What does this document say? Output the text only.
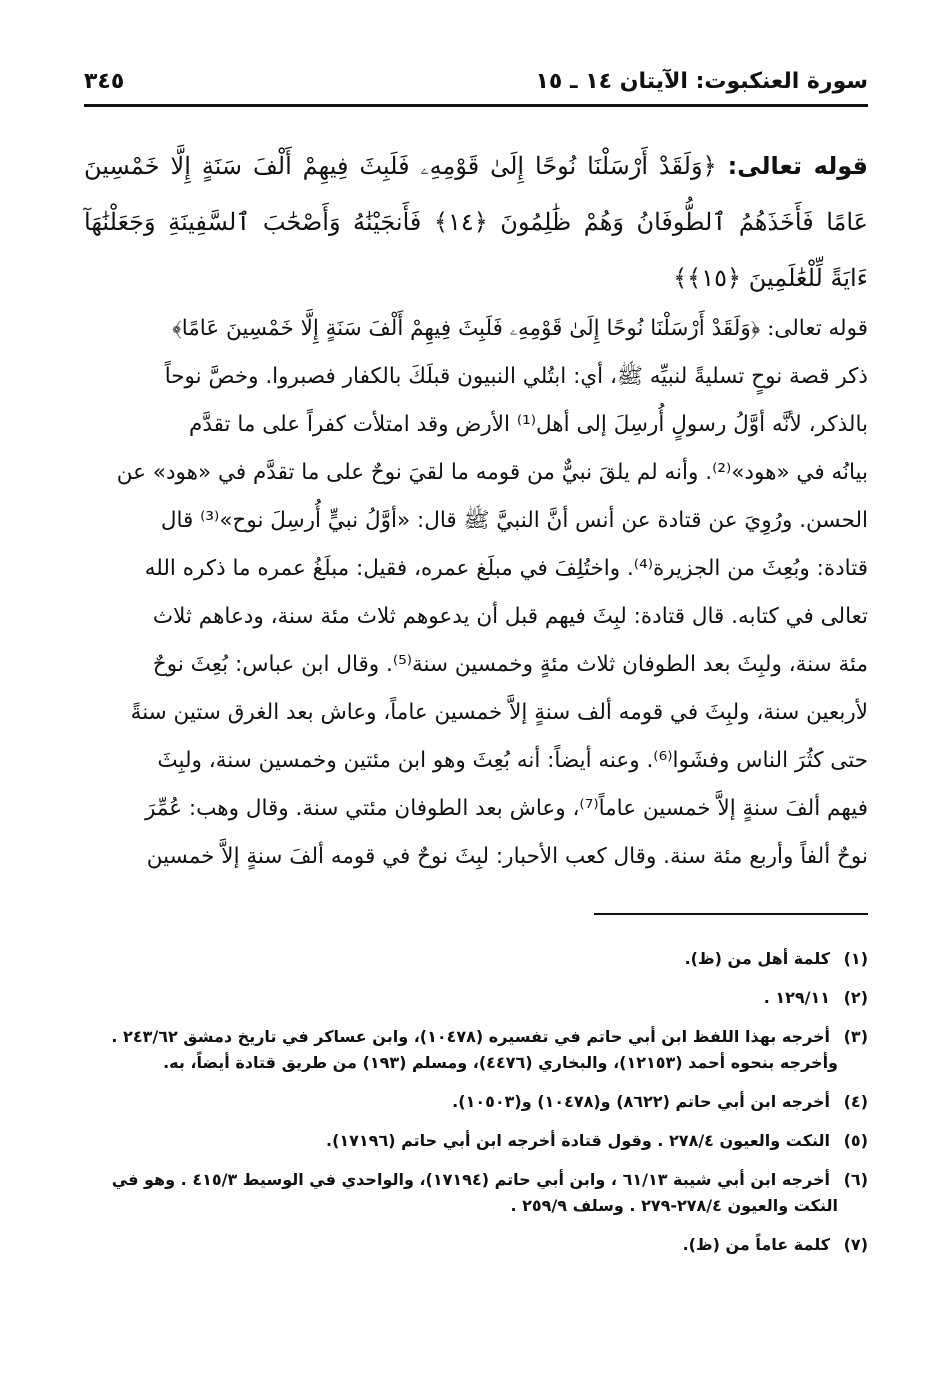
سورة العنكبوت: الآيتان ١٤ ـ ١٥
٣٤٥
قوله تعالى: ﴿وَلَقَدْ أَرْسَلْنَا نُوحًا إِلَىٰ قَوْمِهِۦ فَلَبِثَ فِيهِمْ أَلْفَ سَنَةٍ إِلَّا خَمْسِينَ عَامًا فَأَخَذَهُمُ ٱلطُّوفَانُ وَهُمْ ظَٰلِمُونَ ﴿١٤﴾ فَأَنجَيْنَٰهُ وَأَصْحَٰبَ ٱلسَّفِينَةِ وَجَعَلْنَٰهَآ ءَايَةً لِّلْعَٰلَمِينَ ﴿١٥﴾﴾
قوله تعالى: ﴿وَلَقَدْ أَرْسَلْنَا نُوحًا إِلَىٰ قَوْمِهِۦ فَلَبِثَ فِيهِمْ أَلْفَ سَنَةٍ إِلَّا خَمْسِينَ عَامًا﴾
ذكر قصة نوحٍ تسليةً لنبيِّه ﷺ، أي: ابتُلي النبيون قبلَكَ بالكفار فصبروا. وخصَّ نوحاً
بالذكر، لأنَّه أوَّلُ رسولٍ أُرسِلَ إلى أهل⁽¹⁾ الأرض وقد امتلأت كفراً على ما تقدَّم
بيانُه في «هود»⁽²⁾. وأنه لم يلقَ نبيٌّ من قومه ما لقيَ نوحٌ على ما تقدَّم في «هود» عن
الحسن. ورُوِيَ عن قتادة عن أنس أنَّ النبيَّ ﷺ قال: «أوَّلُ نبيٍّ أُرسِلَ نوح»⁽³⁾ قال
قتادة: وبُعِثَ من الجزيرة⁽⁴⁾. واختُلِفَ في مبلَغ عمره، فقيل: مبلَغُ عمره ما ذكره الله
تعالى في كتابه. قال قتادة: لبِثَ فيهم قبل أن يدعوهم ثلاث مئة سنة، ودعاهم ثلاث
مئة سنة، ولبِثَ بعد الطوفان ثلاث مئةٍ وخمسين سنة⁽⁵⁾. وقال ابن عباس: بُعِثَ نوحٌ
لأربعين سنة، ولبِثَ في قومه ألف سنةٍ إلاَّ خمسين عاماً، وعاش بعد الغرق ستين سنةً
حتى كثُرَ الناس وفشَوا⁽⁶⁾. وعنه أيضاً: أنه بُعِثَ وهو ابن مئتين وخمسين سنة، ولبِثَ
فيهم ألفَ سنةٍ إلاَّ خمسين عاماً⁽⁷⁾، وعاش بعد الطوفان مئتي سنة. وقال وهب: عُمِّرَ
نوحٌ ألفاً وأربع مئة سنة. وقال كعب الأحبار: لبِثَ نوحٌ في قومه ألفَ سنةٍ إلاَّ خمسين
(١) كلمة أهل من (ظ).
(٢) ١٢٩/١١ .
(٣) أخرجه بهذا اللفظ ابن أبي حاتم في تفسيره (١٠٤٧٨)، وابن عساكر في تاريخ دمشق ٢٤٣/٦٢ .
وأخرجه بنحوه أحمد (١٢١٥٣)، والبخاري (٤٤٧٦)، ومسلم (١٩٣) من طريق قتادة أيضاً، به.
(٤) أخرجه ابن أبي حاتم (٨٦٢٢) و(١٠٤٧٨) و(١٠٥٠٣).
(٥) النكت والعيون ٢٧٨/٤ . وقول قتادة أخرجه ابن أبي حاتم (١٧١٩٦).
(٦) أخرجه ابن أبي شيبة ٦١/١٣ ، وابن أبي حاتم (١٧١٩٤)، والواحدي في الوسيط ٤١٥/٣ . وهو في
النكت والعيون ٢٧٨/٤-٢٧٩ . وسلف ٢٥٩/٩ .
(٧) كلمة عاماً من (ظ).
